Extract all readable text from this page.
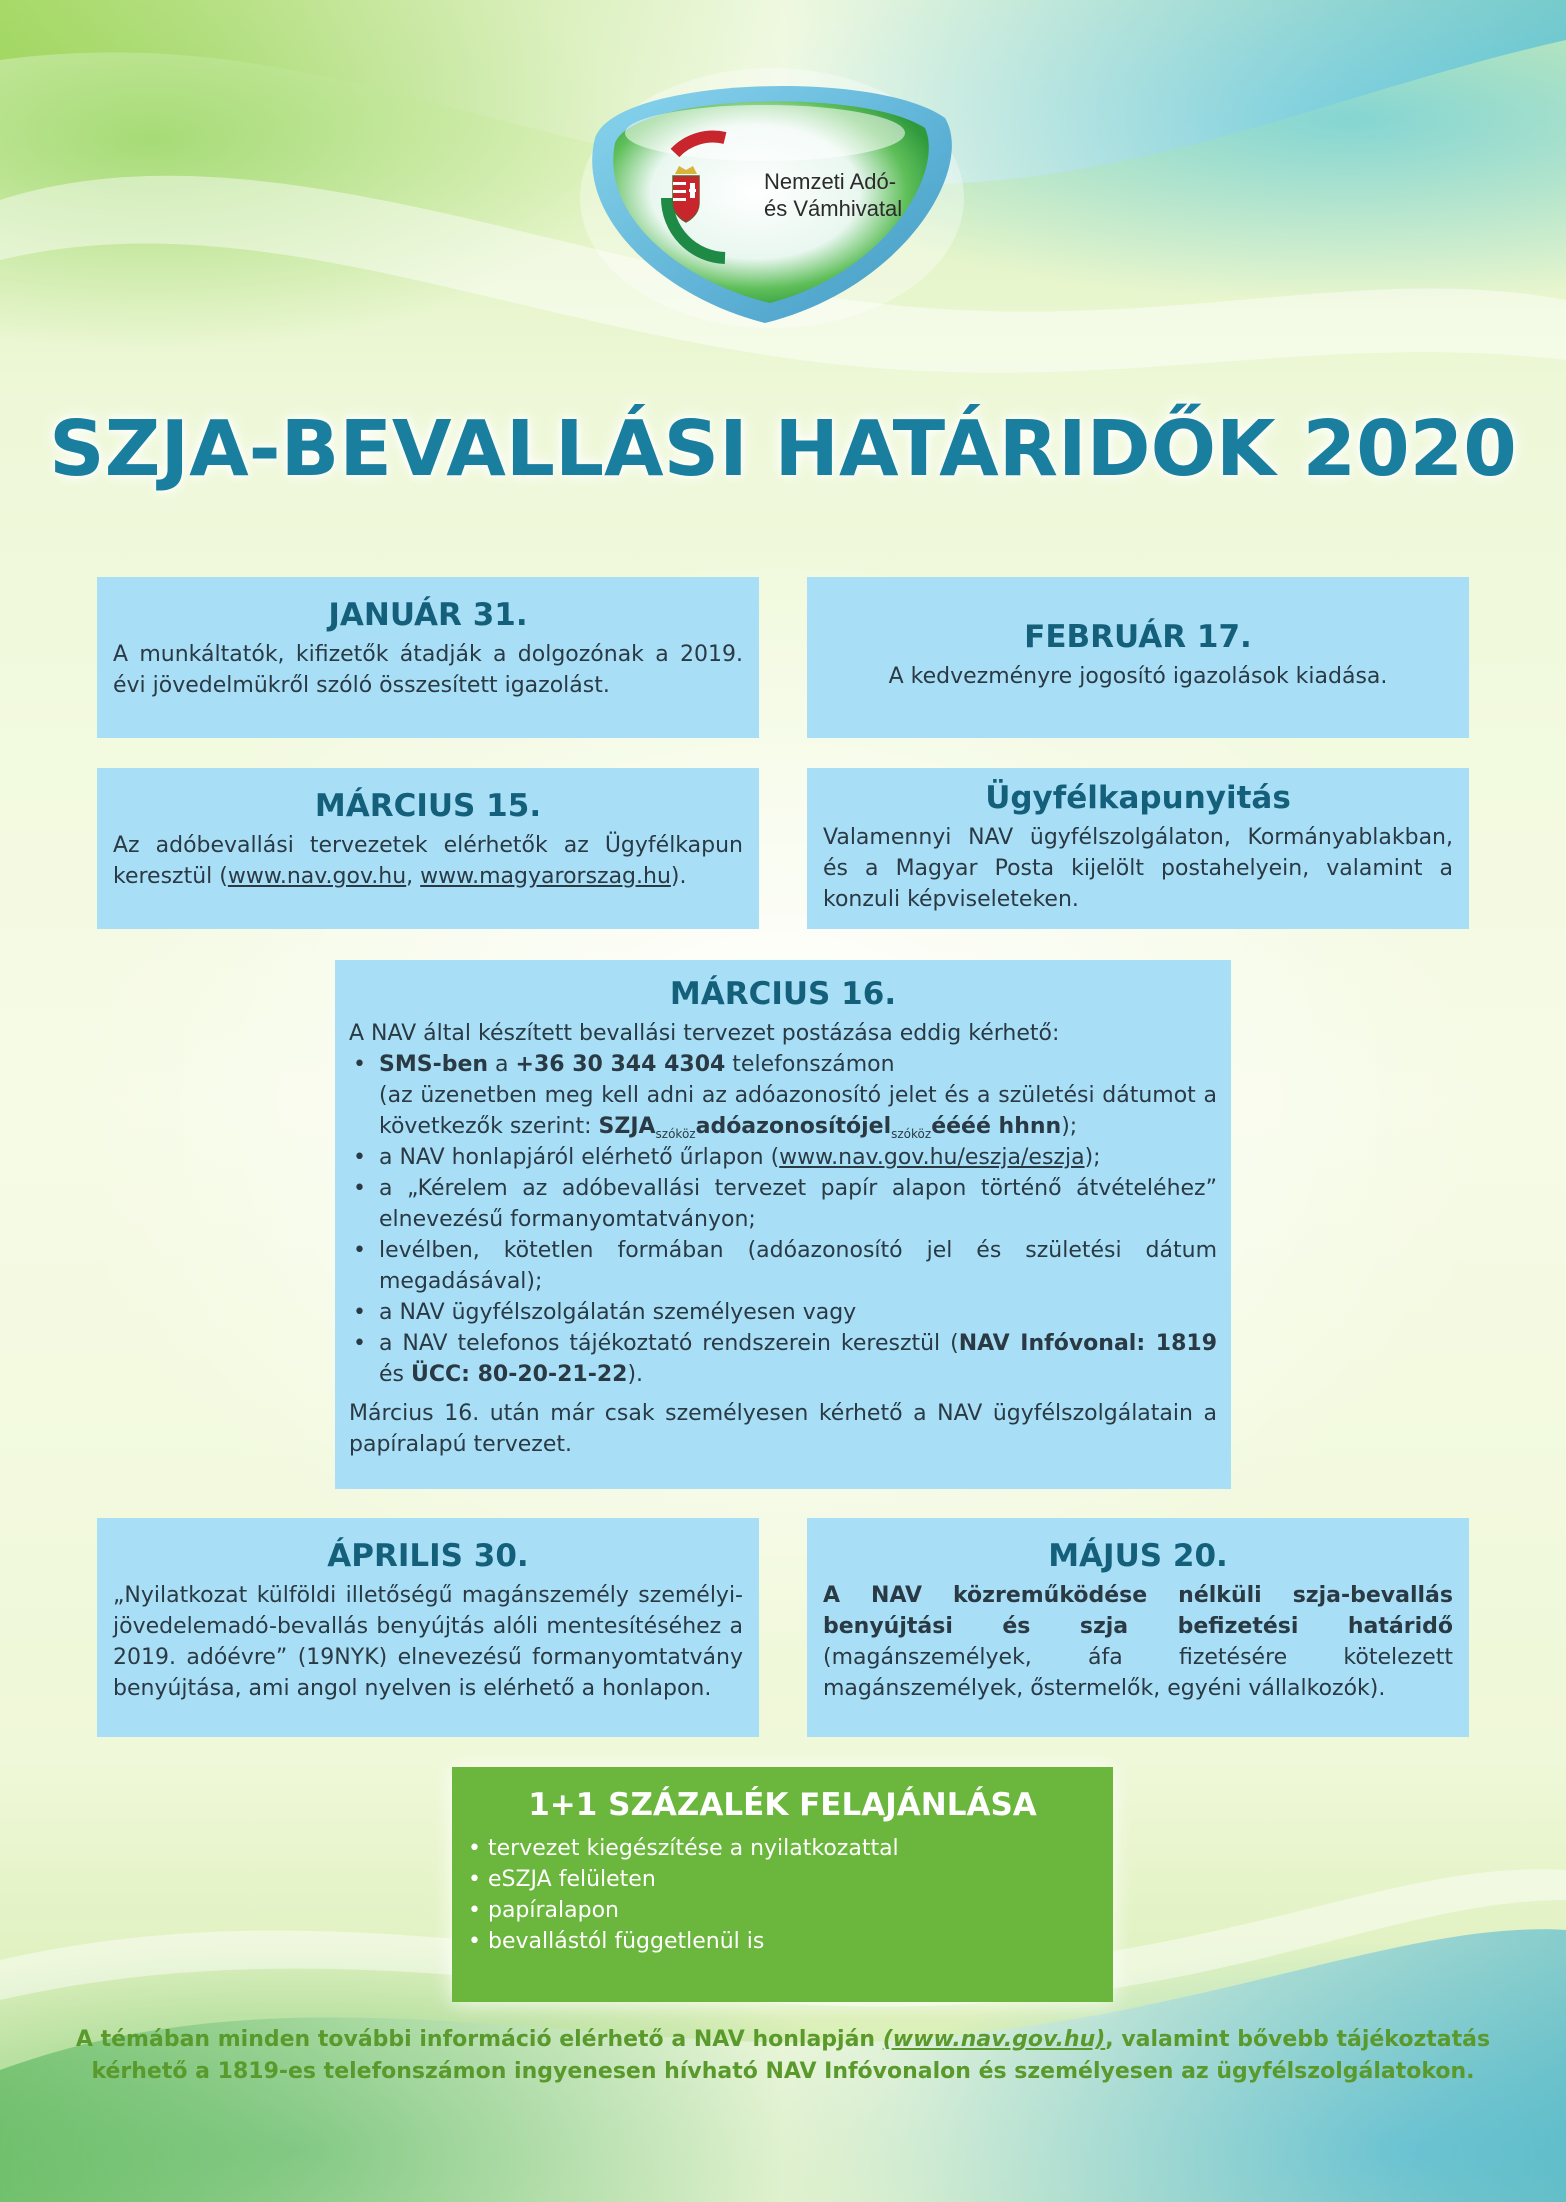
Nemzeti Adó-
és Vámhivatal
SZJA-BEVALLÁSI HATÁRIDŐK 2020
JANUÁR 31.

A munkáltatók, kifizetők átadják a dolgozónak a 2019. évi jövedelmükről szóló összesített igazolást.

FEBRUÁR 17.

A kedvezményre jogosító igazolások kiadása.

MÁRCIUS 15.

Az adóbevallási tervezetek elérhetők az Ügyfélkapun keresztül (www.nav.gov.hu, www.magyarorszag.hu).

Ügyfélkapunyitás

Valamennyi NAV ügyfélszolgálaton, Kormányablakban, és a Magyar Posta kijelölt postahelyein, valamint a konzuli képviseleteken.

MÁRCIUS 16.

A NAV által készített bevallási tervezet postázása eddig kérhető:

• SMS-ben a +36 30 344 4304 telefonszámon
(az üzenetben meg kell adni az adóazonosító jelet és a születési dátumot a következők szerint: $SZJA_{szóköz}adóazonosítójel_{szóköz}éééé$ hhnn);
• a NAV honlapjáról elérhető űrlapon (www.nav.gov.hu/eszja/eszja);
• a „Kérelem az adóbevallási tervezet papír alapon történő átvételéhez” elnevezésű formanyomtatványon;
• levélben, kötetlen formában (adóazonosító jel és születési dátum megadásával);
• a NAV ügyfélszolgálatán személyesen vagy
• a NAV telefonos tájékoztató rendszerein keresztül (NAV Infóvonal: 1819 és ÜCC: 80-20-21-22).

Március 16. után már csak személyesen kérhető a NAV ügyfélszolgálatain a papíralapú tervezet.

ÁPRILIS 30.

„Nyilatkozat külföldi illetőségű magánszemély személyi-jövedelemadó-bevallás benyújtás alóli mentesítéséhez a 2019. adóévre” (19NYK) elnevezésű formanyomtatvány benyújtása, ami angol nyelven is elérhető a honlapon.

MÁJUS 20.

A NAV közreműködése nélküli szja-bevallás benyújtási és szja befizetési határidő (magánszemélyek, áfa fizetésére kötelezett magánszemélyek, őstermelők, egyéni vállalkozók).

1+1 SZÁZALÉK FELAJÁNLÁSA
• tervezet kiegészítése a nyilatkozattal
• eSZJA felületen
• papíralapon
• bevallástól függetlenül is
A témában minden további információ elérhető a NAV honlapján (www.nav.gov.hu), valamint bővebb tájékoztatás kérhető a 1819-es telefonszámon ingyenesen hívható NAV Infóvonalon és személyesen az ügyfélszolgálatokon.
